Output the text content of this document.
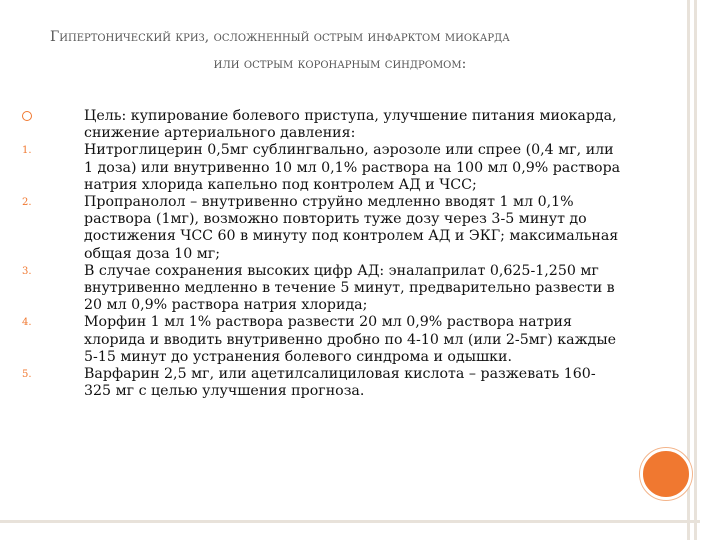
Гипертонический криз, осложненный острым инфарктом миокарда
или острым коронарным синдромом:
Цель: купирование болевого приступа, улучшение питания миокарда, снижение артериального давления:
1.	Нитроглицерин 0,5мг сублингвально, аэрозоле или спрее (0,4 мг, или 1 доза) или внутривенно 10 мл 0,1% раствора на 100 мл 0,9% раствора натрия хлорида капельно под контролем АД и ЧСС;
2.	Пропранолол – внутривенно струйно медленно вводят 1 мл 0,1% раствора (1мг), возможно повторить туже дозу через 3-5 минут до достижения ЧСС 60 в минуту под контролем АД и ЭКГ; максимальная общая доза 10 мг;
3.	В случае сохранения высоких цифр АД: эналаприлат 0,625-1,250 мг внутривенно медленно в течение 5 минут, предварительно развести в 20 мл 0,9% раствора натрия хлорида;
4.	Морфин 1 мл 1% раствора развести 20 мл 0,9% раствора натрия хлорида и вводить внутривенно дробно по 4-10 мл (или 2-5мг) каждые 5-15 минут до устранения болевого синдрома и одышки.
5.	Варфарин 2,5 мг, или ацетилсалициловая кислота – разжевать 160-325 мг с целью улучшения прогноза.
